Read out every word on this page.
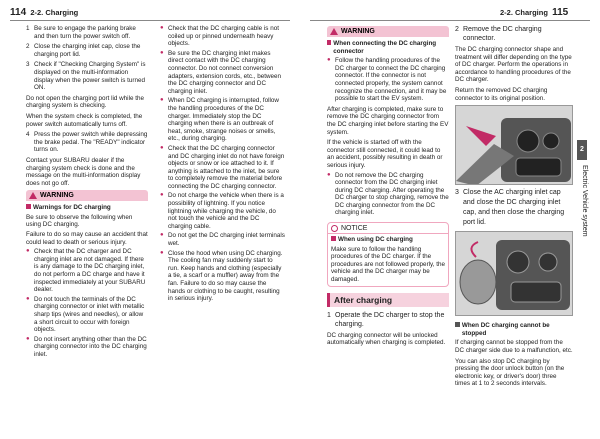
114 2-2. Charging	2-2. Charging 115
1 Be sure to engage the parking brake and then turn the power switch off.
2 Close the charging inlet cap, close the charging port lid.
3 Check if "Checking Charging System" is displayed on the multi-information display when the power switch is turned ON.
Do not open the charging port lid while the charging system is checking.
When the system check is completed, the power switch automatically turns off.
4 Press the power switch while depressing the brake pedal. The "READY" indicator turns on.
Contact your SUBARU dealer if the charging system check is done and the message on the multi-information display does not go off.
WARNING
Warnings for DC charging
Be sure to observe the following when using DC charging.
Failure to do so may cause an accident that could lead to death or serious injury.
● Check that the DC charger and DC charging inlet are not damaged. If there is any damage to the DC charging inlet, do not perform a DC charge and have it inspected immediately at your SUBARU dealer.
● Do not touch the terminals of the DC charging connector or inlet with metallic sharp tips (wires and needles), or allow a short circuit to occur with foreign objects.
● Do not insert anything other than the DC charging connector into the DC charging inlet.
● Check that the DC charging cable is not coiled up or pinned underneath heavy objects.
● Be sure the DC charging inlet makes direct contact with the DC charging connector. Do not connect conversion adapters, extension cords, etc., between the DC charging connector and DC charging inlet.
● When DC charging is interrupted, follow the handling procedures of the DC charger. Immediately stop the DC charging when there is an outbreak of heat, smoke, strange noises or smells, etc., during charging.
● Check that the DC charging connector and DC charging inlet do not have foreign objects or snow or ice attached to it. If anything is attached to the inlet, be sure to completely remove the material before connecting the DC charging connector.
● Do not charge the vehicle when there is a possibility of lightning. If you notice lightning while charging the vehicle, do not touch the vehicle and the DC charging cable.
● Do not get the DC charging inlet terminals wet.
● Close the hood when using DC charging. The cooling fan may suddenly start to run. Keep hands and clothing (especially a tie, a scarf or a muffler) away from the fan. Failure to do so may cause the hands or clothing to be caught, resulting in serious injury.
WARNING
When connecting the DC charging connector
● Follow the handling procedures of the DC charger to connect the DC charging connector. If the connector is not connected properly, the system cannot recognize the connection, and it may be possible to start the EV system.
After charging is completed, make sure to remove the DC charging connector from the DC charging inlet before starting the EV system.
If the vehicle is started off with the connector still connected, it could lead to an accident, possibly resulting in death or serious injury.
● Do not remove the DC charging connector from the DC charging inlet during DC charging. After operating the DC charger to stop charging, remove the DC charging connector from the DC charging inlet.
NOTICE
When using DC charging
Make sure to follow the handling procedures of the DC charger. If the procedures are not followed properly, the vehicle and the DC charger may be damaged.
After charging
1 Operate the DC charger to stop the charging.
DC charging connector will be unlocked automatically when charging is completed.
2 Remove the DC charging connector.
The DC charging connector shape and treatment will differ depending on the type of DC charger. Perform the operations in accordance to handling procedures of the DC charger.
Return the removed DC charging connector to its original position.
3 Close the AC charging inlet cap and close the DC charging inlet cap, and then close the charging port lid.
When DC charging cannot be stopped
If charging cannot be stopped from the DC charger side due to a malfunction, etc.
You can also stop DC charging by pressing the door unlock button (on the electronic key, or driver's door) three times at 1 to 2 seconds intervals.
2
Electric Vehicle system
